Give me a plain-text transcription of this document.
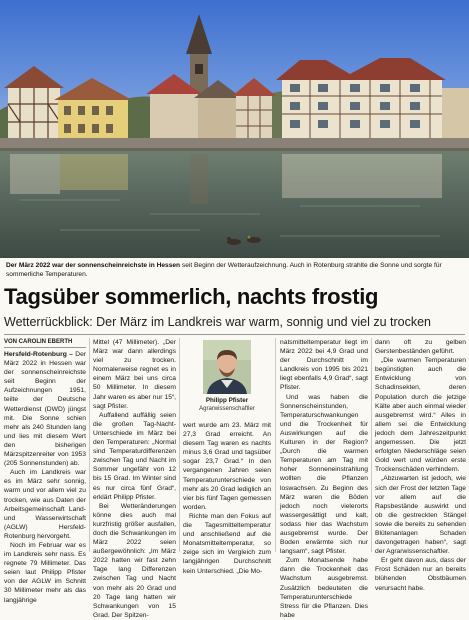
FOTO: CAROLIN EBERTH
Der März 2022 war der sonnenscheinreichste in Hessen seit Beginn der Wetteraufzeichnung. Auch in Rotenburg strahlte die Sonne und sorgte für sommerliche Temperaturen.
Tagsüber sommerlich, nachts frostig
Wetterrückblick: Der März im Landkreis war warm, sonnig und viel zu trocken
VON CAROLIN EBERTH

Hersfeld-Rotenburg – Der März 2022 in Hessen war der sonnenscheinreichste seit Beginn der Aufzeichnungen 1951, teilte der Deutsche Wetterdienst (DWD) jüngst mit. Die Sonne schien mehr als 240 Stunden lang und lies mit diesem Wert den bisherigen Märzspitzenreiter von 1953 (205 Sonnenstunden) ab.

Auch im Landkreis war es im März sehr sonnig, warm und vor allem viel zu trocken, wie aus Daten der Arbeitsgemeinschaft Land- und Wasserwirtschaft (AGLW) Hersfeld-Rotenburg hervorgeht.

Noch im Februar war es im Landkreis sehr nass. Es regnete 79 Millimeter. Das seien laut Philipp Pfister von der AGLW im Schnitt 30 Millimeter mehr als das langjährige

Mittel (47 Millimeter). „Der März war dann allerdings viel zu trocken. Normalerweise regnet es in einem März bei uns circa 50 Millimeter. In diesem Jahr waren es aber nur 15“, sagt Pfister.

Auffallend auffällig seien die großen Tag-Nacht-Unterschiede im März bei den Temperaturen: „Normal sind Temperaturdifferenzen zwischen Tag und Nacht im Sommer ungefähr von 12 bis 15 Grad. Im Winter sind es nur circa fünf Grad“, erklärt Philipp Pfister.

Bei Wetteränderungen könne dies auch mal kurzfristig größer ausfallen, doch die Schwankungen im März 2022 seien außergewöhnlich: „Im März 2022 hatten wir fast zehn Tage lang Differenzen zwischen Tag und Nacht von mehr als 20 Grad und 20 Tage lang hatten wir Schwankungen von 15 Grad. Der Spitzen-

Philipp Pfister
Agrarwissenschaftler

wert wurde am 23. März mit 27,3 Grad erreicht. An diesem Tag waren es nachts minus 3,6 Grad und tagsüber sogar 23,7 Grad.“ In den vergangenen Jahren seien Temperaturunterschiede von mehr als 20 Grad lediglich an vier bis fünf Tagen gemessen worden.

Richte man den Fokus auf die Tagesmitteltemperatur und anschließend auf die Monatsmitteltemperatur, so zeige sich im Vergleich zum langjährigen Durchschnitt kein Unterschied. „Die Mo-

natsmitteltemperatur liegt im März 2022 bei 4,9 Grad und der Durchschnitt im Landkreis von 1995 bis 2021 liegt ebenfalls 4,9 Grad“, sagt Pfister.

Und was haben die Sonnenscheinstunden, Temperaturschwankungen und die Trockenheit für Auswirkungen auf die Kulturen in der Region? „Durch die warmen Temperaturen am Tag mit hoher Sonneneinstrahlung wollten die Pflanzen loswachsen. Zu Beginn des März waren die Böden jedoch noch vielerorts wassergesättigt und kalt, sodass hier das Wachstum ausgebremst wurde. Der Boden erwärmte sich nur langsam“, sagt Pfister.

Zum Monatsende habe dann die Trockenheit das Wachstum ausgebremst. Zusätzlich bedeuteten die Temperaturunterschiede Stress für die Pflanzen. Dies habe

dann oft zu gelben Gerstenbeständen geführt.

„Die warmen Temperaturen begünstigten auch die Entwicklung von Schadinsekten, deren Population durch die jetzige Kälte aber auch einmal wieder ausgebremst wird.“ Alles in allem sei die Entwicklung jedoch dem Jahreszeitpunkt angemessen. Die jetzt erfolgten Niederschläge seien Gold wert und würden erste Trockenschäden verhindern.

„Abzuwarten ist jedoch, wie sich der Frost der letzten Tage vor allem auf die Rapsbestände auswirkt und ob die gestreckten Stängel sowie die bereits zu sehenden Blütenanlagen Schaden davongetragen haben“, sagt der Agrarwissenschaftler.

Er geht davon aus, dass der Frost Schäden nur an bereits blühenden Obstbäumen verursacht habe.
